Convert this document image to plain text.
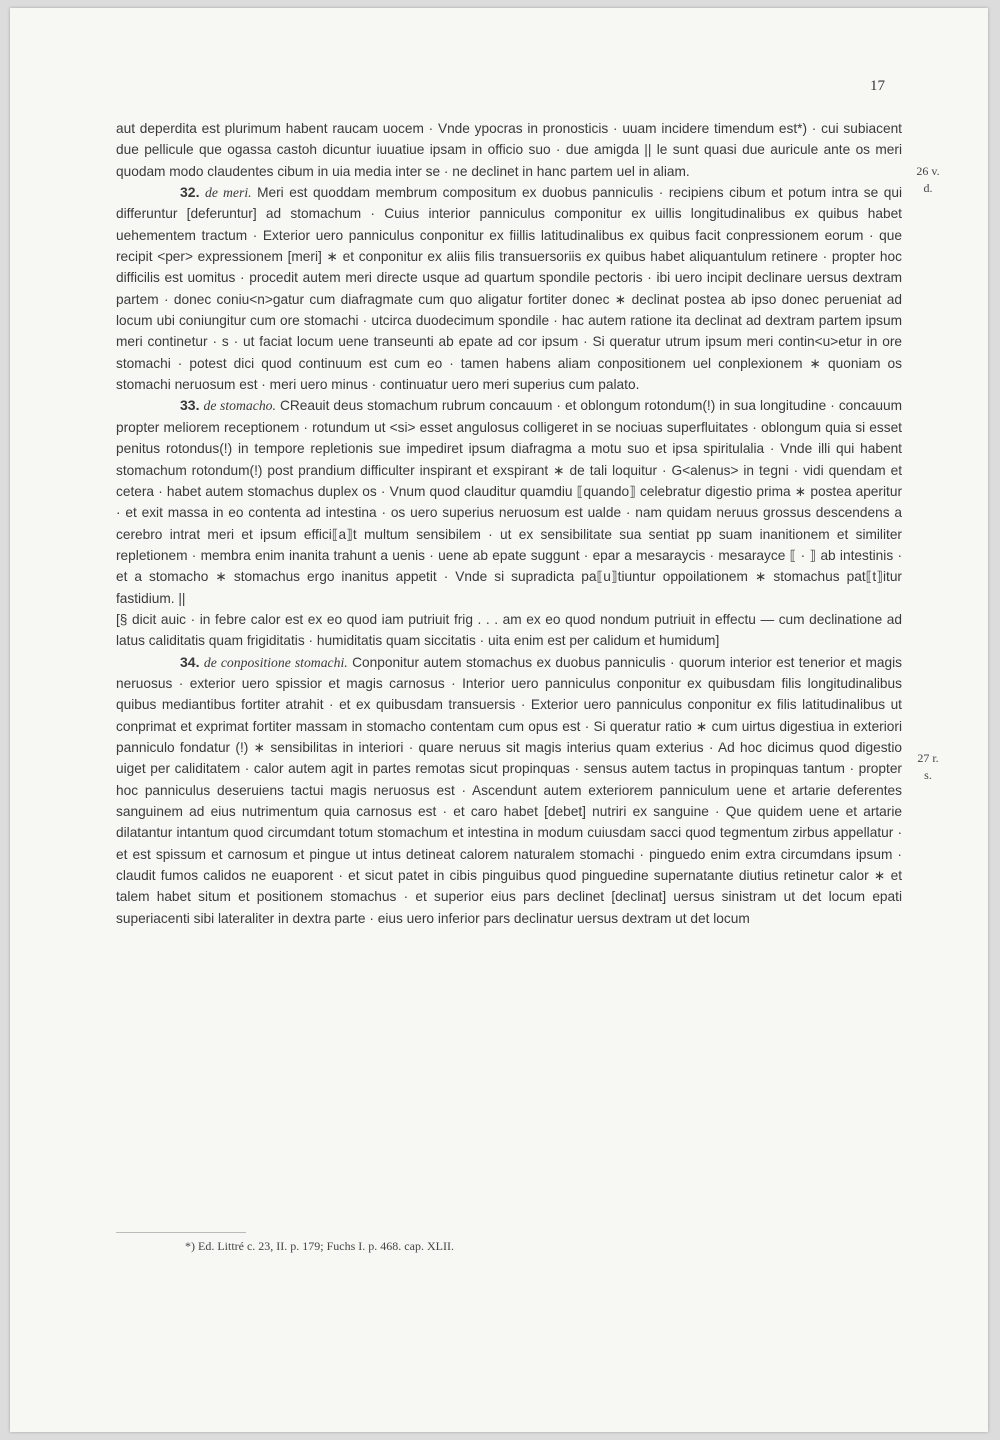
17
26 v.
d.
27 r.
s.

aut deperdita est plurimum habent raucam uocem · Vnde ypocras in pronosticis · uuam incidere timendum est*) · cui subiacent due pellicule que ogassa castoh dicuntur iuuatiue ipsam in officio suo · due amigda || le sunt quasi due auricule ante os meri quodam modo claudentes cibum in uia media inter se · ne declinet in hanc partem uel in aliam.

32. de meri. Meri est quoddam membrum compositum ex duobus panniculis · recipiens cibum et potum intra se qui differuntur [deferuntur] ad stomachum · Cuius interior panniculus componitur ex uillis longitudinalibus ex quibus habet uehementem tractum · Exterior uero panniculus conponitur ex fiillis latitudinalibus ex quibus facit conpressionem eorum · que recipit <per> expressionem [meri] ∗ et conponitur ex aliis filis transuersoriis ex quibus habet aliquantulum retinere · propter hoc difficilis est uomitus · procedit autem meri directe usque ad quartum spondile pectoris · ibi uero incipit declinare uersus dextram partem · donec coniu<n>gatur cum diafragmate cum quo aligatur fortiter donec ∗ declinat postea ab ipso donec perueniat ad locum ubi coniungitur cum ore stomachi · utcirca duodecimum spondile · hac autem ratione ita declinat ad dextram partem ipsum meri continetur · s · ut faciat locum uene transeunti ab epate ad cor ipsum · Si queratur utrum ipsum meri contin<u>etur in ore stomachi · potest dici quod continuum est cum eo · tamen habens aliam conpositionem uel conplexionem ∗ quoniam os stomachi neruosum est · meri uero minus · continuatur uero meri superius cum palato.

33. de stomacho. CReauit deus stomachum rubrum concauum · et oblongum rotondum(!) in sua longitudine · concauum propter meliorem receptionem · rotundum ut <si> esset angulosus colligeret in se nociuas superfluitates · oblongum quia si esset penitus rotondus(!) in tempore repletionis sue impediret ipsum diafragma a motu suo et ipsa spiritulalia · Vnde illi qui habent stomachum rotondum(!) post prandium difficulter inspirant et exspirant ∗ de tali loquitur · G<alenus> in tegni · vidi quendam et cetera · habet autem stomachus duplex os · Vnum quod clauditur quamdiu ⟦quando⟧ celebratur digestio prima ∗ postea aperitur · et exit massa in eo contenta ad intestina · os uero superius neruosum est ualde · nam quidam neruus grossus descendens a cerebro intrat meri et ipsum effici⟦a⟧t multum sensibilem · ut ex sensibilitate sua sentiat pp suam inanitionem et similiter repletionem · membra enim inanita trahunt a uenis · uene ab epate suggunt · epar a mesaraycis · mesarayce ⟦ · ⟧ ab intestinis · et a stomacho ∗ stomachus ergo inanitus appetit · Vnde si supradicta pa⟦u⟧tiuntur oppoilationem ∗ stomachus pat⟦t⟧itur fastidium. ||

[§ dicit auic · in febre calor est ex eo quod iam putriuit frig . . . am ex eo quod nondum putriuit in effectu — cum declinatione ad latus caliditatis quam frigiditatis · humiditatis quam siccitatis · uita enim est per calidum et humidum]

34. de conpositione stomachi. Conponitur autem stomachus ex duobus panniculis · quorum interior est tenerior et magis neruosus · exterior uero spissior et magis carnosus · Interior uero panniculus conponitur ex quibusdam filis longitudinalibus quibus mediantibus fortiter atrahit · et ex quibusdam transuersis · Exterior uero panniculus conponitur ex filis latitudinalibus ut conprimat et exprimat fortiter massam in stomacho contentam cum opus est · Si queratur ratio ∗ cum uirtus digestiua in exteriori panniculo fondatur (!) ∗ sensibilitas in interiori · quare neruus sit magis interius quam exterius · Ad hoc dicimus quod digestio uiget per caliditatem · calor autem agit in partes remotas sicut propinquas · sensus autem tactus in propinquas tantum · propter hoc panniculus deseruiens tactui magis neruosus est · Ascendunt autem exteriorem panniculum uene et artarie deferentes sanguinem ad eius nutrimentum quia carnosus est · et caro habet [debet] nutriri ex sanguine · Que quidem uene et artarie dilatantur intantum quod circumdant totum stomachum et intestina in modum cuiusdam sacci quod tegmentum zirbus appellatur · et est spissum et carnosum et pingue ut intus detineat calorem naturalem stomachi · pinguedo enim extra circumdans ipsum · claudit fumos calidos ne euaporent · et sicut patet in cibis pinguibus quod pinguedine supernatante diutius retinetur calor ∗ et talem habet situm et positionem stomachus · et superior eius pars declinet [declinat] uersus sinistram ut det locum epati superiacenti sibi lateraliter in dextra parte · eius uero inferior pars declinatur uersus dextram ut det locum

*) Ed. Littré c. 23, II. p. 179; Fuchs I. p. 468. cap. XLII.
